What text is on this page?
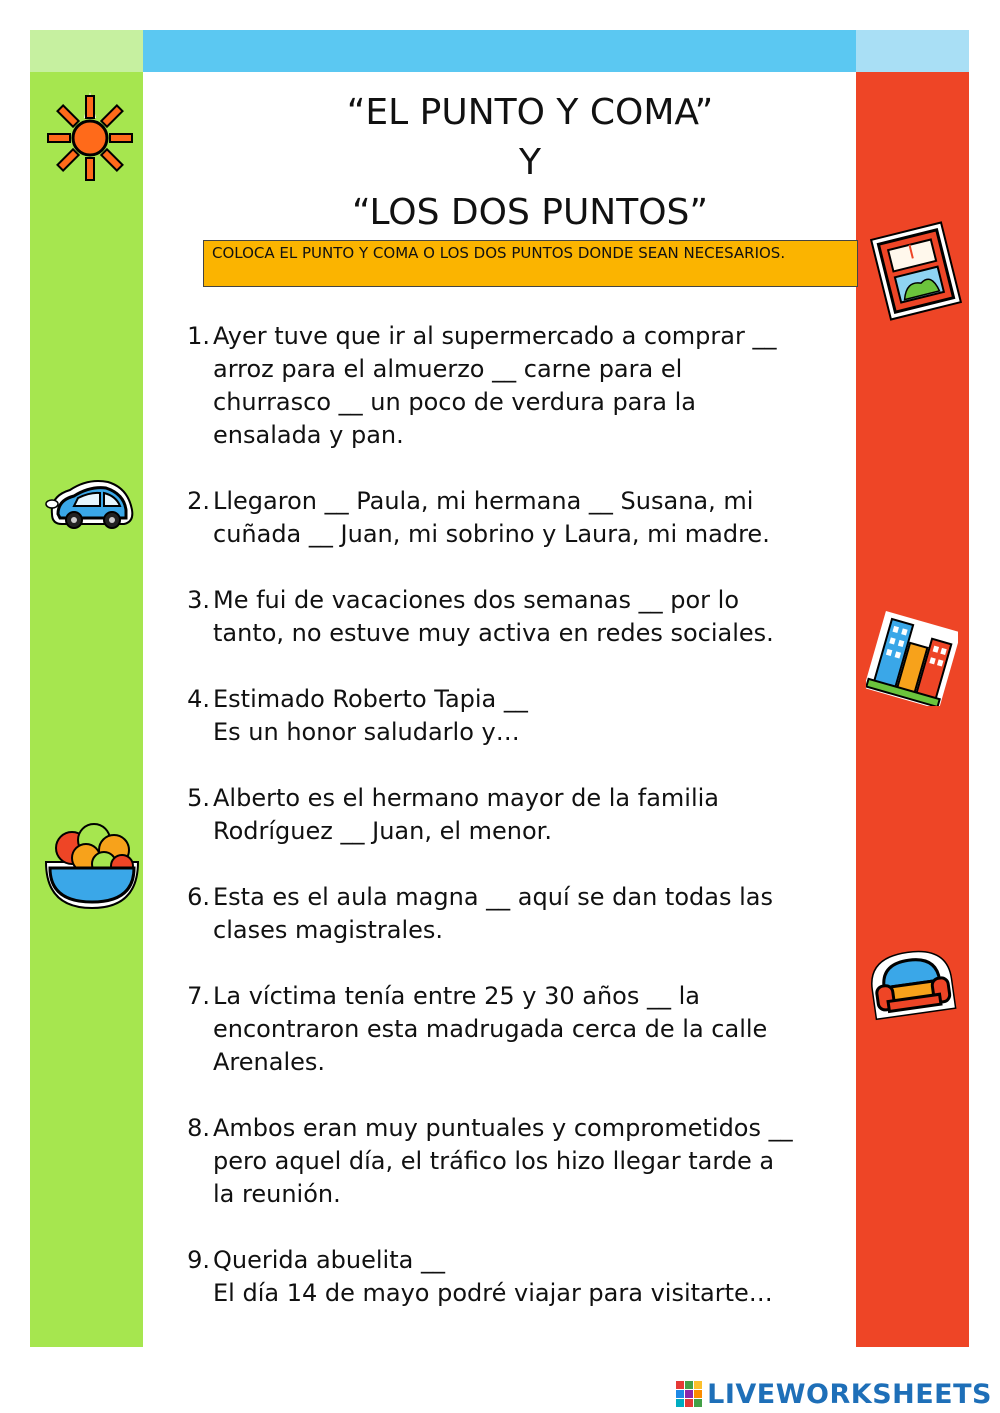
“EL PUNTO Y COMA”
Y
“LOS DOS PUNTOS”
COLOCA EL PUNTO Y COMA O LOS DOS PUNTOS DONDE SEAN NECESARIOS.
1. Ayer tuve que ir al supermercado a comprar __
arroz para el almuerzo __ carne para el
churrasco __ un poco de verdura para la
ensalada y pan.
2. Llegaron __ Paula, mi hermana __ Susana, mi
cuñada __ Juan, mi sobrino y Laura, mi madre.
3. Me fui de vacaciones dos semanas __ por lo
tanto, no estuve muy activa en redes sociales.
4. Estimado Roberto Tapia __
Es un honor saludarlo y…
5. Alberto es el hermano mayor de la familia
Rodríguez __ Juan, el menor.
6. Esta es el aula magna __ aquí se dan todas las
clases magistrales.
7. La víctima tenía entre 25 y 30 años __ la
encontraron esta madrugada cerca de la calle
Arenales.
8. Ambos eran muy puntuales y comprometidos __
pero aquel día, el tráfico los hizo llegar tarde a
la reunión.
9. Querida abuelita __
El día 14 de mayo podré viajar para visitarte…
LIVEWORKSHEETS
